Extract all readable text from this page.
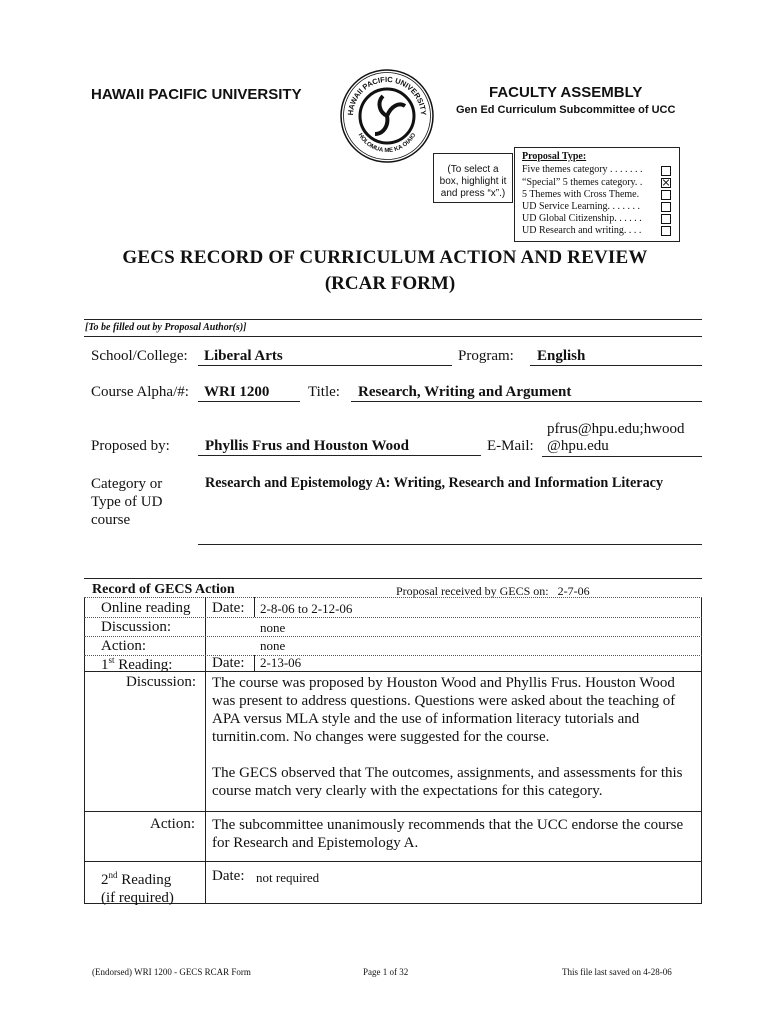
HAWAII PACIFIC UNIVERSITY	FACULTY ASSEMBLY
Gen Ed Curriculum Subcommittee of UCC
HAWAII PACIFIC UNIVERSITY
HOLOMUA ME KA OIAIO
(To select a
box, highlight it
and press “x”.)
Proposal Type:
Five themes category . . . . . . .
“Special” 5 themes category. .
5 Themes with Cross Theme.
UD Service Learning. . . . . . .
UD Global Citizenship. . . . . .
UD Research and writing. . . .
GECS RECORD OF CURRICULUM ACTION AND REVIEW
(RCAR FORM)
[To be filled out by Proposal Author(s)]
School/College:	Liberal Arts	Program:	English
Course Alpha/#:	WRI 1200	Title:	Research, Writing and Argument
Proposed by:	Phyllis Frus and Houston Wood	E-Mail:
pfrus@hpu.edu;hwood
@hpu.edu
Category or
Type of UD
course
Research and Epistemology A: Writing, Research and Information Literacy
Record of GECS Action	Proposal received by GECS on: 2-7-06
Online reading Date: 2-8-06 to 2-12-06
Discussion:	none
Action:	none
1st Reading:	Date: 2-13-06
Discussion: The course was proposed by Houston Wood and Phyllis Frus. Houston Wood was present to address questions. Questions were asked about the teaching of APA versus MLA style and the use of information literacy tutorials and turnitin.com. No changes were suggested for the course.
The GECS observed that The outcomes, assignments, and assessments for this course match very clearly with the expectations for this category.
Action: The subcommittee unanimously recommends that the UCC endorse the course for Research and Epistemology A.
2nd Reading
(if required)
Date: not required
(Endorsed) WRI 1200 - GECS RCAR Form	Page 1 of 32	This file last saved on 4-28-06
